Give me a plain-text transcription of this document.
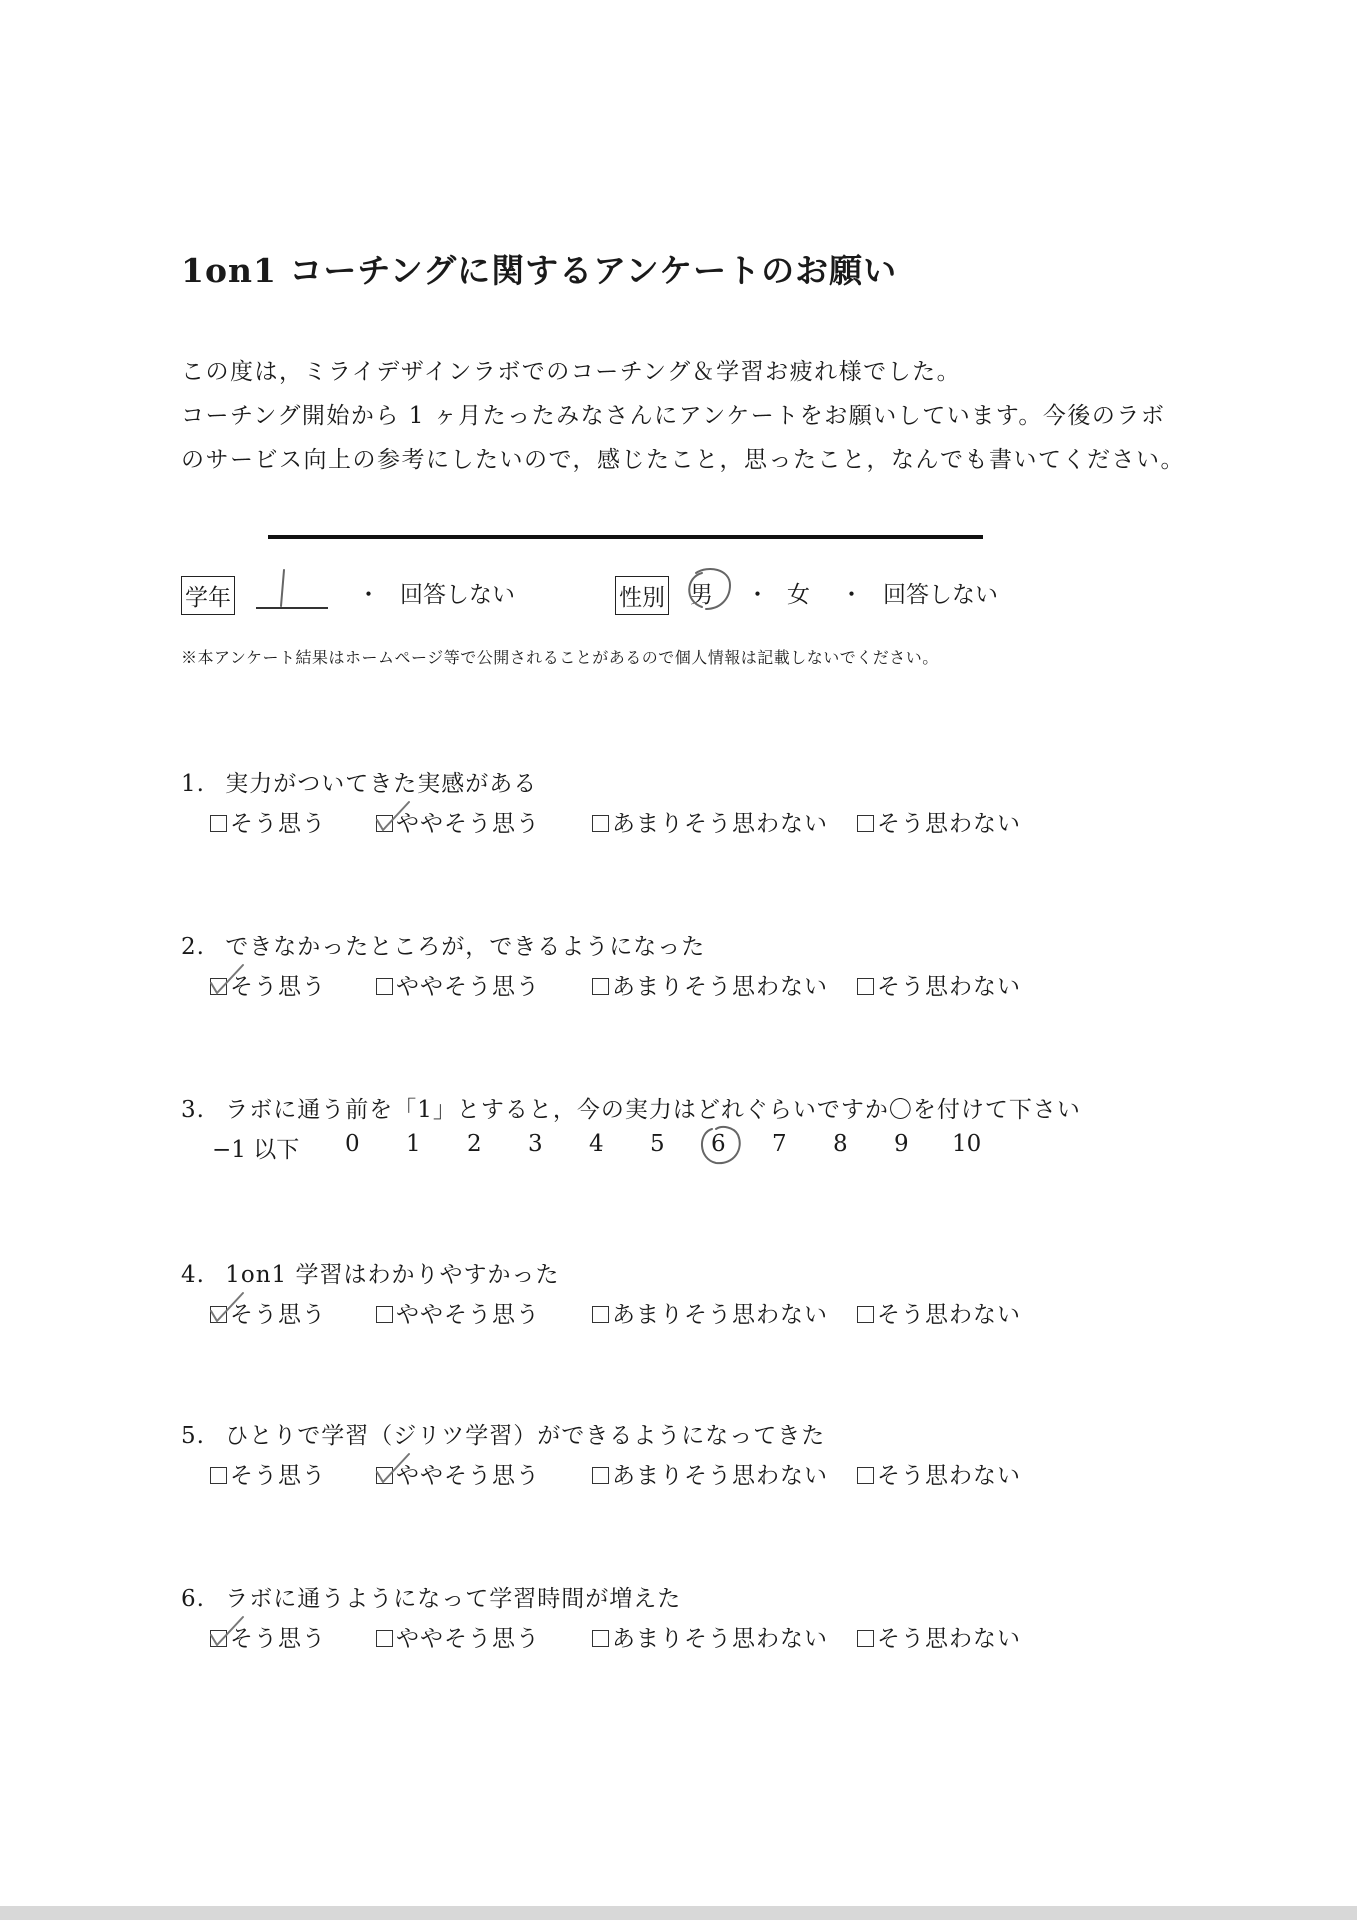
1on1 コーチングに関するアンケートのお願い
この度は，ミライデザインラボでのコーチング＆学習お疲れ様でした。
コーチング開始から 1 ヶ月たったみなさんにアンケートをお願いしています。今後のラボ
のサービス向上の参考にしたいので，感じたこと，思ったこと，なんでも書いてください。
学年	・ 回答しない	性別 男 ・ 女 ・ 回答しない
※本アンケート結果はホームページ等で公開されることがあるので個人情報は記載しないでください。
1. 実力がついてきた実感がある
そう思う	ややそう思う	あまりそう思わない	そう思わない
2. できなかったところが，できるようになった
そう思う	ややそう思う	あまりそう思わない	そう思わない
3. ラボに通う前を「1」とすると，今の実力はどれぐらいですか〇を付けて下さい
−1 以下 0 1 2 3 4 5 6 7 8 9 10
4. 1on1 学習はわかりやすかった
そう思う	ややそう思う	あまりそう思わない	そう思わない
5. ひとりで学習（ジリツ学習）ができるようになってきた
そう思う	ややそう思う	あまりそう思わない	そう思わない
6. ラボに通うようになって学習時間が増えた
そう思う	ややそう思う	あまりそう思わない	そう思わない
